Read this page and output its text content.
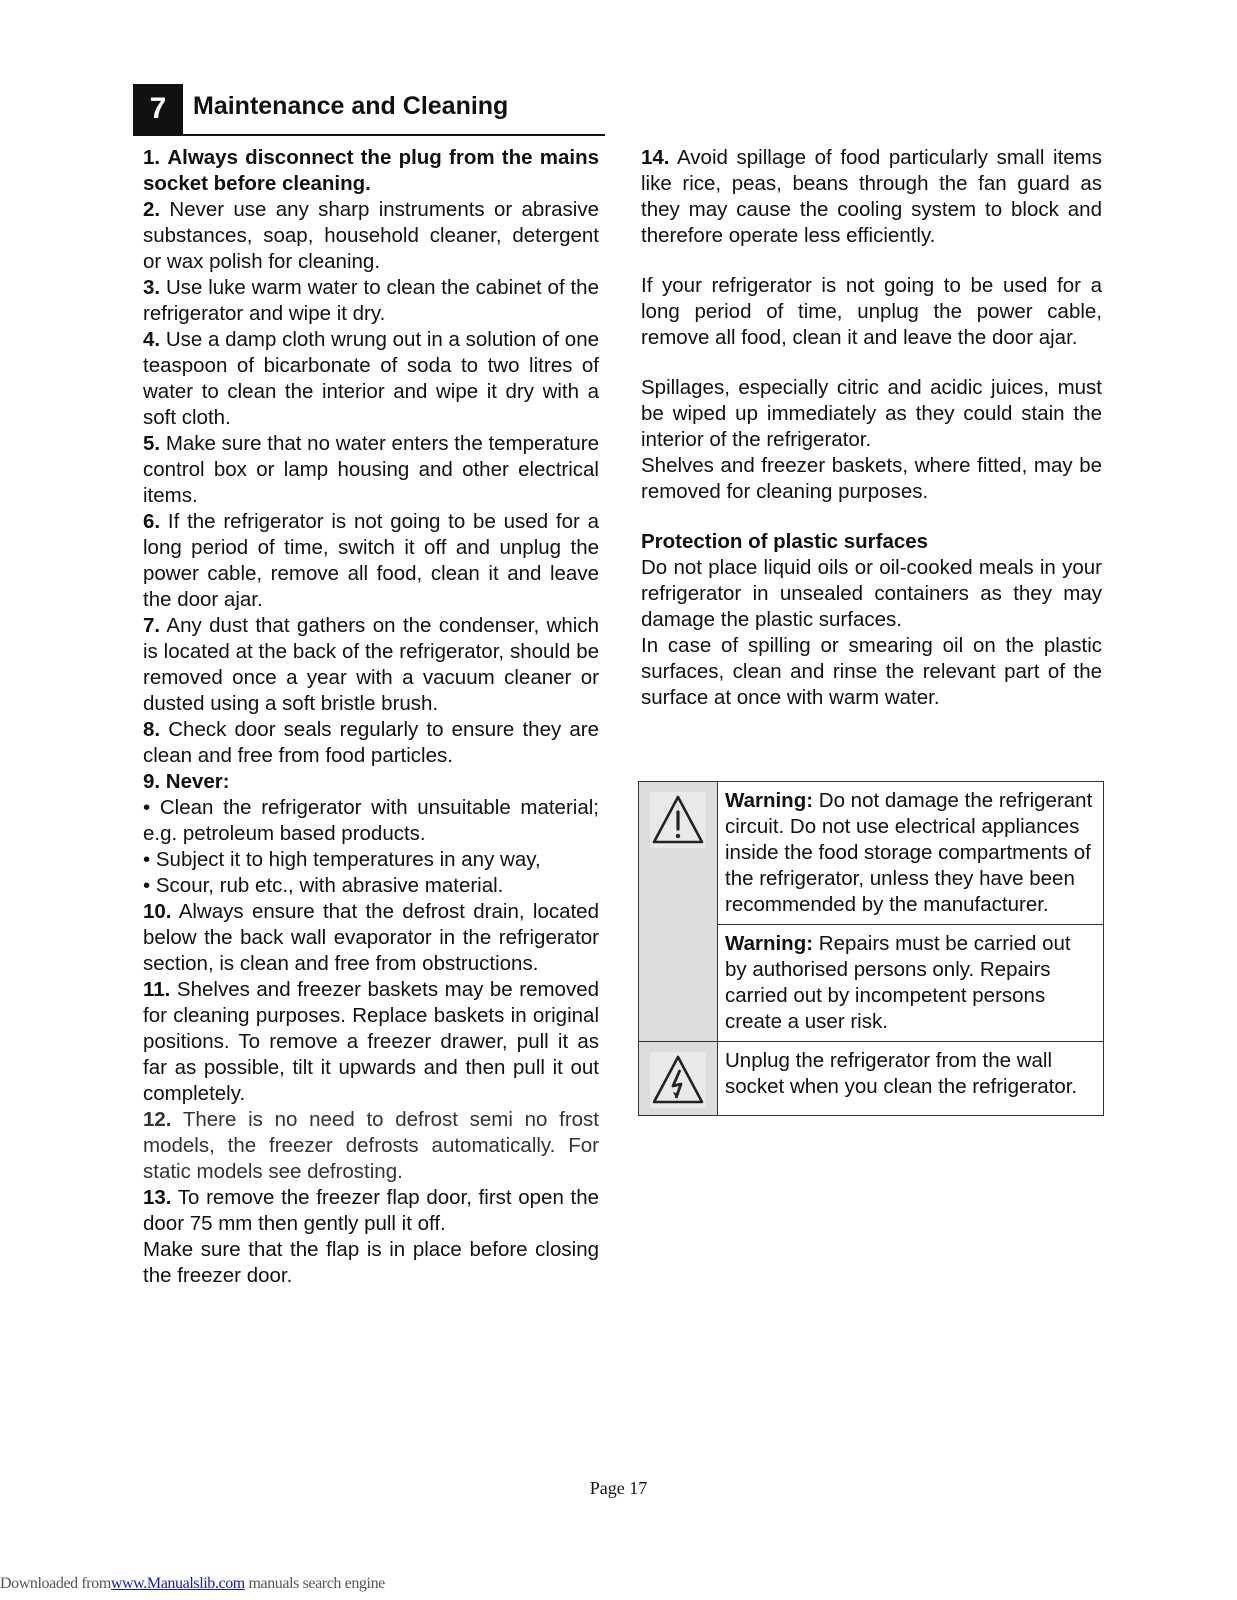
7	Maintenance and Cleaning

1. Always disconnect the plug from the mains socket before cleaning.

2. Never use any sharp instruments or abrasive substances, soap, household cleaner, detergent or wax polish for cleaning.

3. Use luke warm water to clean the cabinet of the refrigerator and wipe it dry.

4. Use a damp cloth wrung out in a solution of one teaspoon of bicarbonate of soda to two litres of water to clean the interior and wipe it dry with a soft cloth.

5. Make sure that no water enters the temperature control box or lamp housing and other electrical items.

6. If the refrigerator is not going to be used for a long period of time, switch it off and unplug the power cable, remove all food, clean it and leave the door ajar.

7. Any dust that gathers on the condenser, which is located at the back of the refrigerator, should be removed once a year with a vacuum cleaner or dusted using a soft bristle brush.

8. Check door seals regularly to ensure they are clean and free from food particles.

9. Never:

• Clean the refrigerator with unsuitable material; e.g. petroleum based products.

• Subject it to high temperatures in any way,

• Scour, rub etc., with abrasive material.

10. Always ensure that the defrost drain, located below the back wall evaporator in the refrigerator section, is clean and free from obstructions.

11. Shelves and freezer baskets may be removed for cleaning purposes. Replace baskets in original positions. To remove a freezer drawer, pull it as far as possible, tilt it upwards and then pull it out completely.

12. There is no need to defrost semi no frost models, the freezer defrosts automatically. For static models see defrosting.

13. To remove the freezer flap door, first open the door 75 mm then gently pull it off.

Make sure that the flap is in place before closing the freezer door.

14. Avoid spillage of food particularly small items like rice, peas, beans through the fan guard as they may cause the cooling system to block and therefore operate less efficiently.

If your refrigerator is not going to be used for a long period of time, unplug the power cable, remove all food, clean it and leave the door ajar.

Spillages, especially citric and acidic juices, must be wiped up immediately as they could stain the interior of the refrigerator.

Shelves and freezer baskets, where fitted, may be removed for cleaning purposes.

Protection of plastic surfaces

Do not place liquid oils or oil-cooked meals in your refrigerator in unsealed containers as they may damage the plastic surfaces.

In case of spilling or smearing oil on the plastic surfaces, clean and rinse the relevant part of the surface at once with warm water.

	Warning: Do not damage the refrigerant circuit. Do not use electrical appliances inside the food storage compartments of the refrigerator, unless they have been recommended by the manufacturer.
	Warning: Repairs must be carried out by authorised persons only. Repairs carried out by incompetent persons create a user risk.
	Unplug the refrigerator from the wall socket when you clean the refrigerator.
Page 17
Downloaded fromwww.Manualslib.com manuals search engine
